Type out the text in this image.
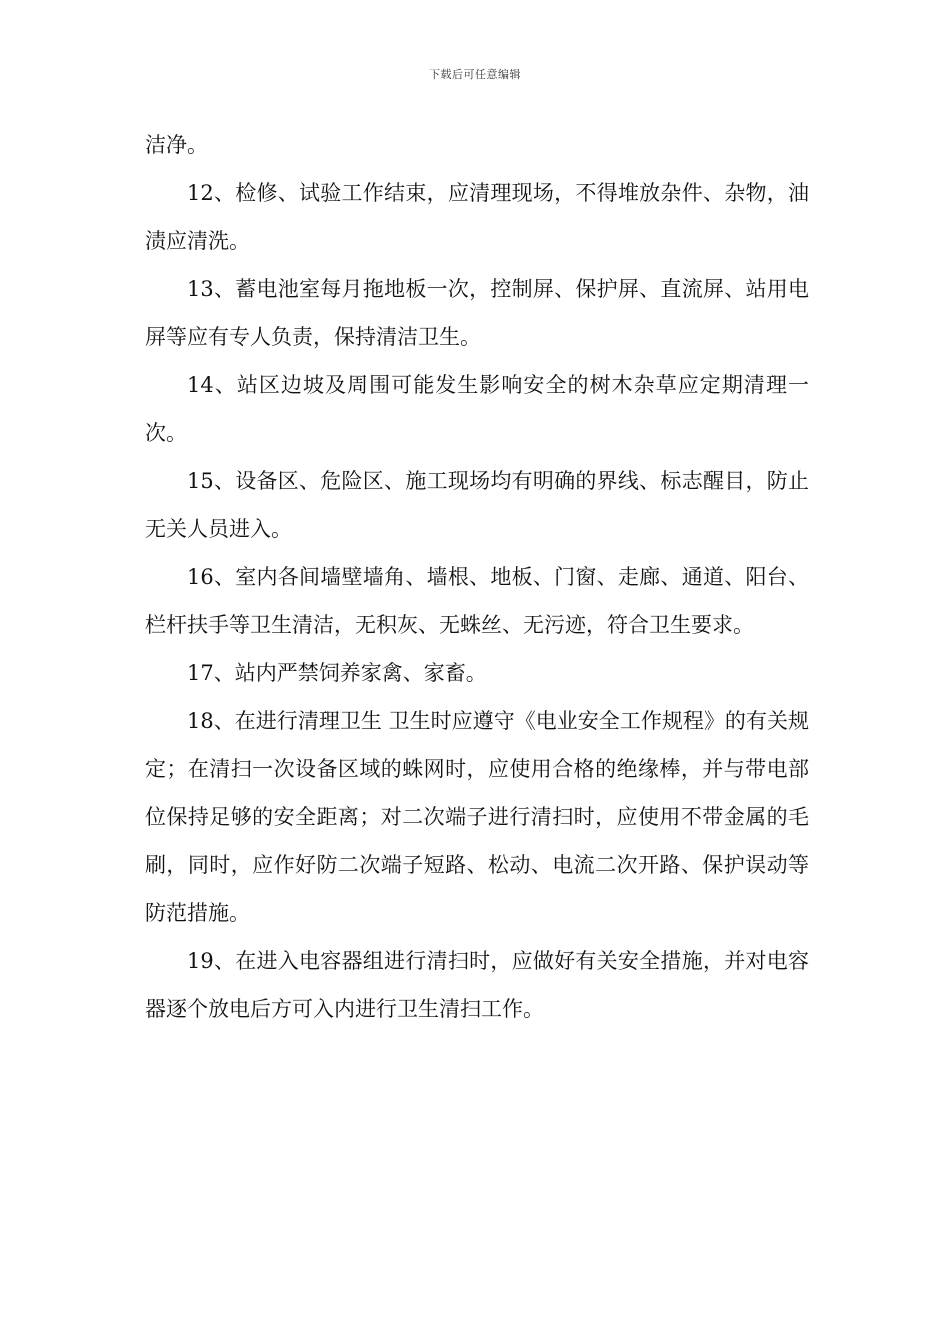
下载后可任意编辑

洁净。

12、检修、试验工作结束，应清理现场，不得堆放杂件、杂物，油渍应清洗。

13、蓄电池室每月拖地板一次，控制屏、保护屏、直流屏、站用电屏等应有专人负责，保持清洁卫生。

14、站区边坡及周围可能发生影响安全的树木杂草应定期清理一次。

15、设备区、危险区、施工现场均有明确的界线、标志醒目，防止无关人员进入。

16、室内各间墙壁墙角、墙根、地板、门窗、走廊、通道、阳台、栏杆扶手等卫生清洁，无积灰、无蛛丝、无污迹，符合卫生要求。

17、站内严禁饲养家禽、家畜。

18、在进行清理卫生 卫生时应遵守《电业安全工作规程》的有关规定；在清扫一次设备区域的蛛网时，应使用合格的绝缘棒，并与带电部位保持足够的安全距离；对二次端子进行清扫时，应使用不带金属的毛刷，同时，应作好防二次端子短路、松动、电流二次开路、保护误动等防范措施。

19、在进入电容器组进行清扫时，应做好有关安全措施，并对电容器逐个放电后方可入内进行卫生清扫工作。
